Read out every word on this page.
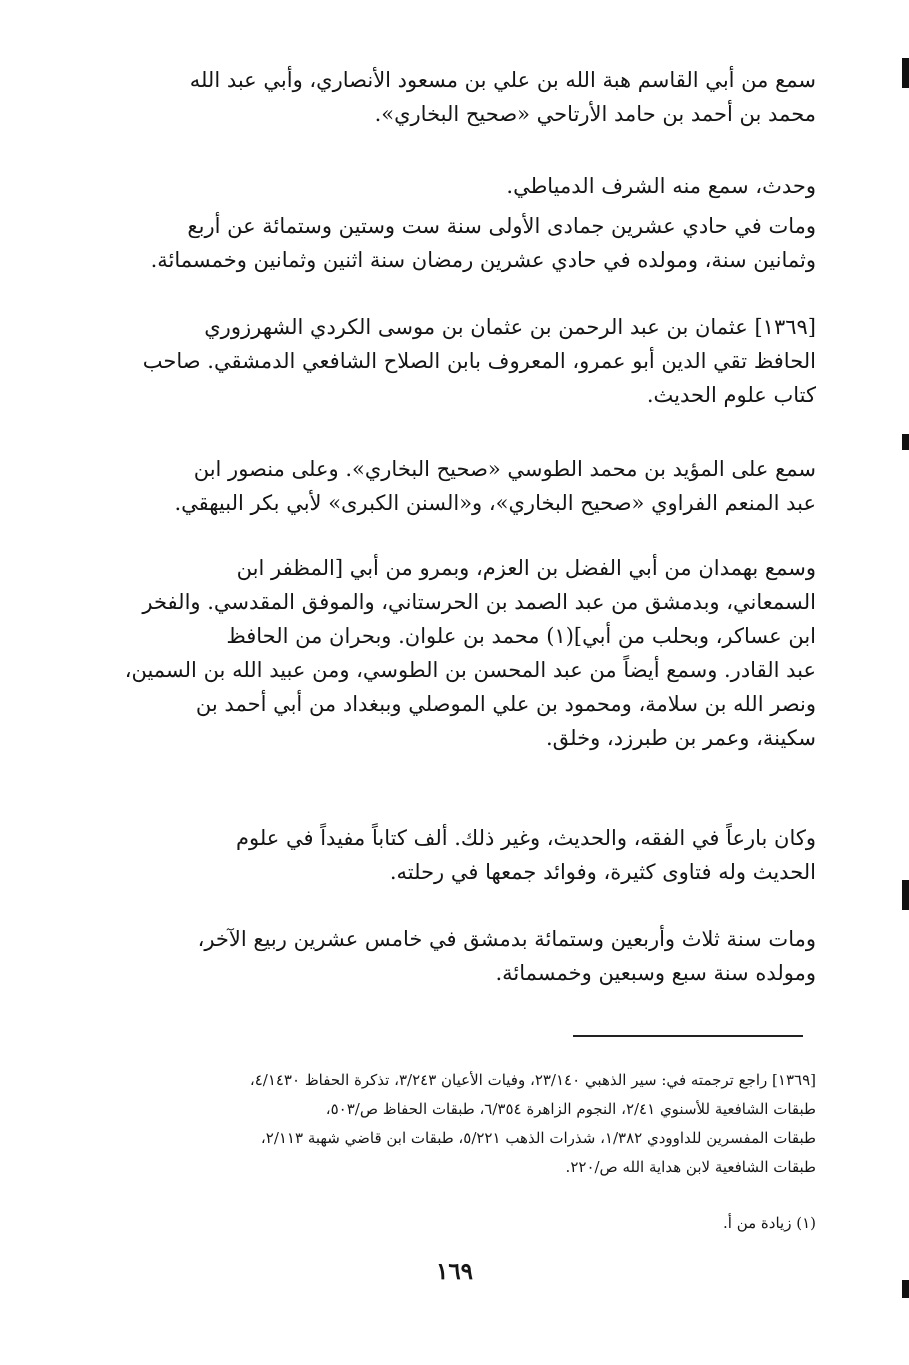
سمع من أبي القاسم هبة الله بن علي بن مسعود الأنصاري، وأبي عبد الله
محمد بن أحمد بن حامد الأرتاحي «صحيح البخاري».
وحدث، سمع منه الشرف الدمياطي.
ومات في حادي عشرين جمادى الأولى سنة ست وستين وستمائة عن أربع
وثمانين سنة، ومولده في حادي عشرين رمضان سنة اثنين وثمانين وخمسمائة.
[١٣٦٩] عثمان بن عبد الرحمن بن عثمان بن موسى الكردي الشهرزوري
الحافظ تقي الدين أبو عمرو، المعروف بابن الصلاح الشافعي الدمشقي. صاحب
كتاب علوم الحديث.
سمع على المؤيد بن محمد الطوسي «صحيح البخاري». وعلى منصور ابن
عبد المنعم الفراوي «صحيح البخاري»، و«السنن الكبرى» لأبي بكر البيهقي.
وسمع بهمدان من أبي الفضل بن العزم، وبمرو من أبي [المظفر ابن
السمعاني، وبدمشق من عبد الصمد بن الحرستاني، والموفق المقدسي. والفخر
ابن عساكر، وبحلب من أبي](١) محمد بن علوان. وبحران من الحافظ
عبد القادر. وسمع أيضاً من عبد المحسن بن الطوسي، ومن عبيد الله بن السمين،
ونصر الله بن سلامة، ومحمود بن علي الموصلي وببغداد من أبي أحمد بن
سكينة، وعمر بن طبرزد، وخلق.
وكان بارعاً في الفقه، والحديث، وغير ذلك. ألف كتاباً مفيداً في علوم
الحديث وله فتاوى كثيرة، وفوائد جمعها في رحلته.
ومات سنة ثلاث وأربعين وستمائة بدمشق في خامس عشرين ربيع الآخر،
ومولده سنة سبع وسبعين وخمسمائة.
[١٣٦٩] راجع ترجمته في: سير الذهبي ٢٣/١٤٠، وفيات الأعيان ٣/٢٤٣، تذكرة الحفاظ ٤/١٤٣٠،
طبقات الشافعية للأسنوي ٢/٤١، النجوم الزاهرة ٦/٣٥٤، طبقات الحفاظ ص/٥٠٣،
طبقات المفسرين للداوودي ١/٣٨٢، شذرات الذهب ٥/٢٢١، طبقات ابن قاضي شهبة ٢/١١٣،
طبقات الشافعية لابن هداية الله ص/٢٢٠.
(١) زيادة من أ.
١٦٩
